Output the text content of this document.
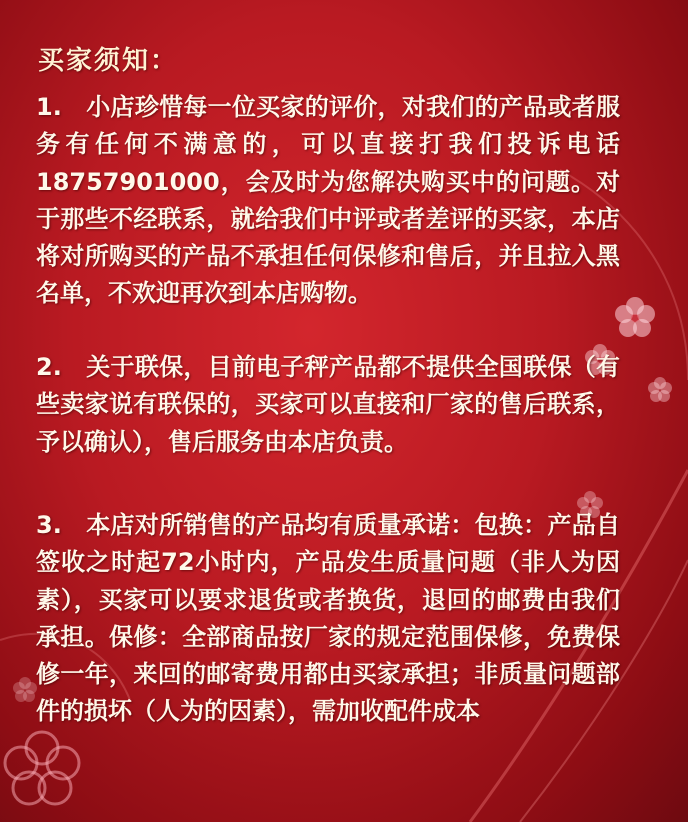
买家须知：

1. 小店珍惜每一位买家的评价，对我们的产品或者服务有任何不满意的，可以直接打我们投诉电话18757901000，会及时为您解决购买中的问题。对于那些不经联系，就给我们中评或者差评的买家，本店将对所购买的产品不承担任何保修和售后，并且拉入黑名单，不欢迎再次到本店购物。

2. 关于联保，目前电子秤产品都不提供全国联保（有些卖家说有联保的，买家可以直接和厂家的售后联系，予以确认），售后服务由本店负责。

3. 本店对所销售的产品均有质量承诺：包换：产品自签收之时起72小时内，产品发生质量问题（非人为因素），买家可以要求退货或者换货，退回的邮费由我们承担。保修：全部商品按厂家的规定范围保修，免费保修一年，来回的邮寄费用都由买家承担；非质量问题部件的损坏（人为的因素），需加收配件成本
